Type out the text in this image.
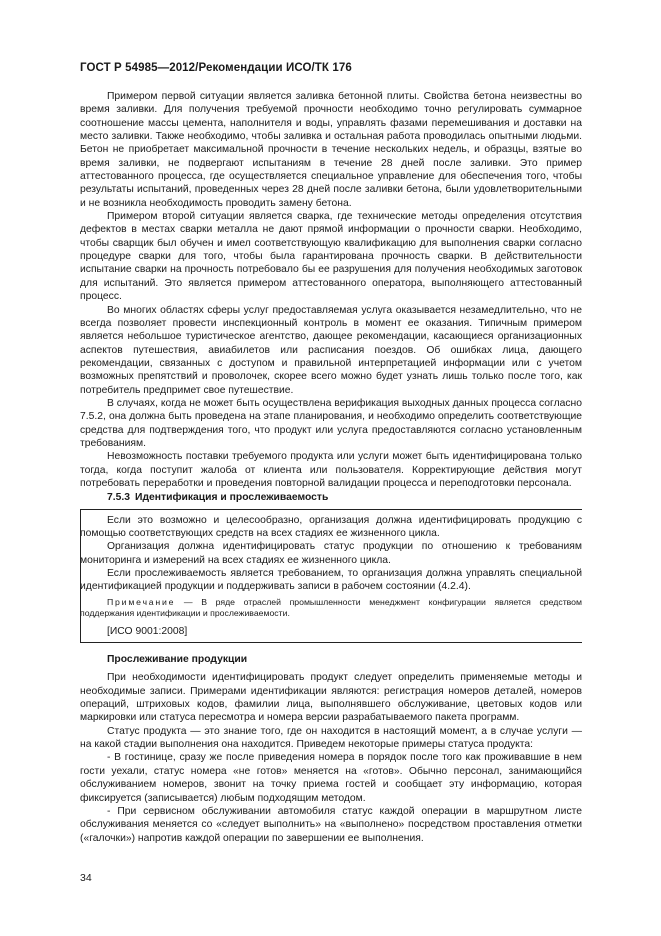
ГОСТ Р 54985—2012/Рекомендации ИСО/ТК 176

Примером первой ситуации является заливка бетонной плиты. Свойства бетона неизвестны во время заливки. Для получения требуемой прочности необходимо точно регулировать суммарное соотношение массы цемента, наполнителя и воды, управлять фазами перемешивания и доставки на место заливки. Также необходимо, чтобы заливка и остальная работа проводилась опытными людьми. Бетон не приобретает максимальной прочности в течение нескольких недель, и образцы, взятые во время заливки, не подвергают испытаниям в течение 28 дней после заливки. Это пример аттестованного процесса, где осуществляется специальное управление для обеспечения того, чтобы результаты испытаний, проведенных через 28 дней после заливки бетона, были удовлетворительными и не возникла необходимость проводить замену бетона.

Примером второй ситуации является сварка, где технические методы определения отсутствия дефектов в местах сварки металла не дают прямой информации о прочности сварки. Необходимо, чтобы сварщик был обучен и имел соответствующую квалификацию для выполнения сварки согласно процедуре сварки для того, чтобы была гарантирована прочность сварки. В действительности испытание сварки на прочность потребовало бы ее разрушения для получения необходимых заготовок для испытаний. Это является примером аттестованного оператора, выполняющего аттестованный процесс.

Во многих областях сферы услуг предоставляемая услуга оказывается незамедлительно, что не всегда позволяет провести инспекционный контроль в момент ее оказания. Типичным примером является небольшое туристическое агентство, дающее рекомендации, касающиеся организационных аспектов путешествия, авиабилетов или расписания поездов. Об ошибках лица, дающего рекомендации, связанных с доступом и правильной интерпретацией информации или с учетом возможных препятствий и проволочек, скорее всего можно будет узнать лишь только после того, как потребитель предпримет свое путешествие.

В случаях, когда не может быть осуществлена верификация выходных данных процесса согласно 7.5.2, она должна быть проведена на этапе планирования, и необходимо определить соответствующие средства для подтверждения того, что продукт или услуга предоставляются согласно установленным требованиям.

Невозможность поставки требуемого продукта или услуги может быть идентифицирована только тогда, когда поступит жалоба от клиента или пользователя. Корректирующие действия могут потребовать переработки и проведения повторной валидации процесса и переподготовки персонала.

7.5.3 Идентификация и прослеживаемость

Если это возможно и целесообразно, организация должна идентифицировать продукцию с помощью соответствующих средств на всех стадиях ее жизненного цикла.

Организация должна идентифицировать статус продукции по отношению к требованиям мониторинга и измерений на всех стадиях ее жизненного цикла.

Если прослеживаемость является требованием, то организация должна управлять специальной идентификацией продукции и поддерживать записи в рабочем состоянии (4.2.4).

Примечание — В ряде отраслей промышленности менеджмент конфигурации является средством поддержания идентификации и прослеживаемости.

[ИСО 9001:2008]

Прослеживание продукции

При необходимости идентифицировать продукт следует определить применяемые методы и необходимые записи. Примерами идентификации являются: регистрация номеров деталей, номеров операций, штриховых кодов, фамилии лица, выполнявшего обслуживание, цветовых кодов или маркировки или статуса пересмотра и номера версии разрабатываемого пакета программ.

Статус продукта — это знание того, где он находится в настоящий момент, а в случае услуги — на какой стадии выполнения она находится. Приведем некоторые примеры статуса продукта:

- В гостинице, сразу же после приведения номера в порядок после того как проживавшие в нем гости уехали, статус номера «не готов» меняется на «готов». Обычно персонал, занимающийся обслуживанием номеров, звонит на точку приема гостей и сообщает эту информацию, которая фиксируется (записывается) любым подходящим методом.

- При сервисном обслуживании автомобиля статус каждой операции в маршрутном листе обслуживания меняется со «следует выполнить» на «выполнено» посредством проставления отметки («галочки») напротив каждой операции по завершении ее выполнения.

34
